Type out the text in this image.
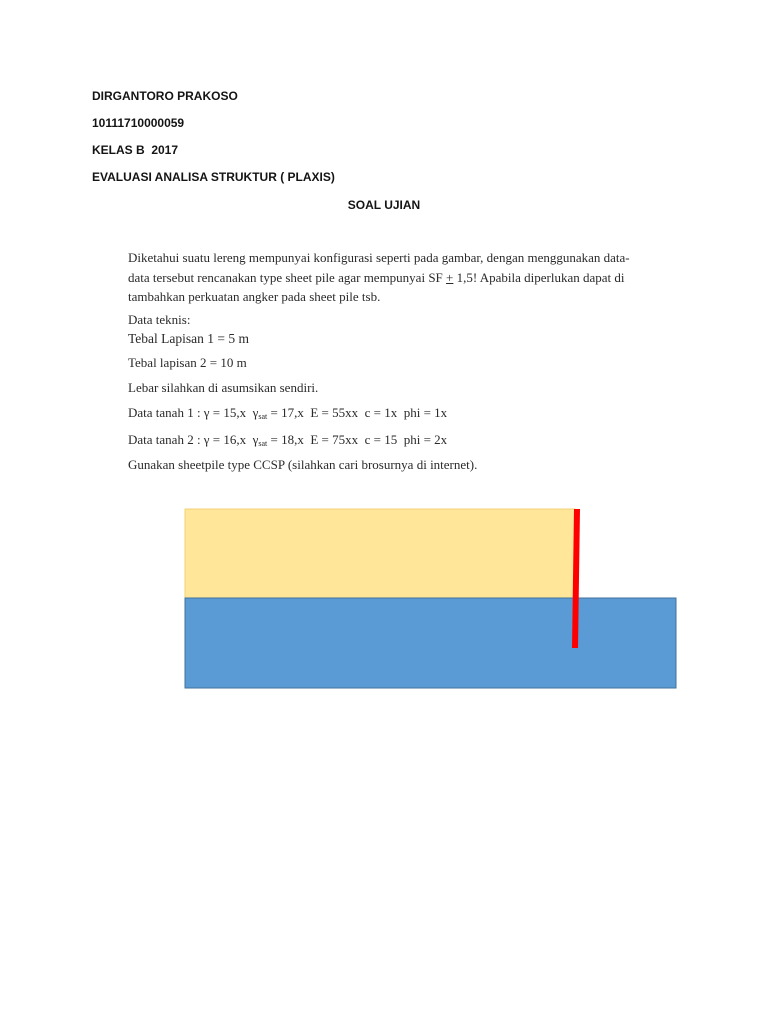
DIRGANTORO PRAKOSO
10111710000059
KELAS B  2017
EVALUASI ANALISA STRUKTUR ( PLAXIS)
SOAL UJIAN
Diketahui suatu lereng mempunyai konfigurasi seperti pada gambar, dengan menggunakan data-
data tersebut rencanakan type sheet pile agar mempunyai SF + 1,5! Apabila diperlukan dapat di
tambahkan perkuatan angker pada sheet pile tsb.
Data teknis:
Tebal Lapisan 1 = 5 m
Tebal lapisan 2 = 10 m
Lebar silahkan di asumsikan sendiri.
Data tanah 1 : γ = 15,x  $\gamma_{sat} = 17,x$  E = 55xx  c = 1x  phi = 1x
Data tanah 2 : γ = 16,x  $\gamma_{sat} = 18,x$  E = 75xx  c = 15  phi = 2x
Gunakan sheetpile type CCSP (silahkan cari brosurnya di internet).
